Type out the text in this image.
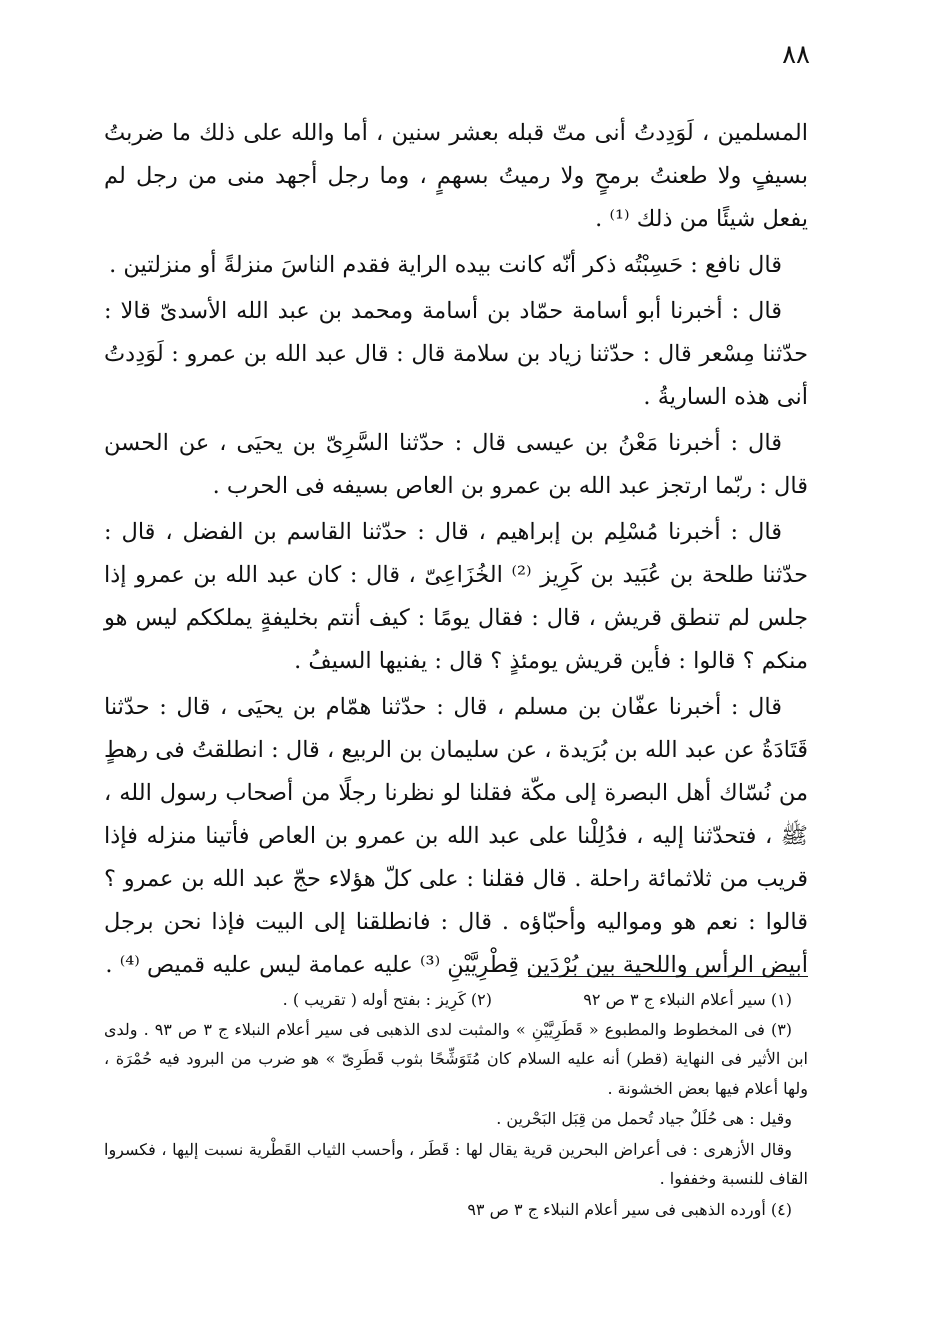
٨٨

المسلمين ، لَوَدِدتُ أنى متّ قبله بعشر سنين ، أما والله على ذلك ما ضربتُ بسيفٍ ولا طعنتُ برمحٍ ولا رميتُ بسهمٍ ، وما رجل أجهد منى من رجل لم يفعل شيئًا من ذلك ⁽¹⁾ .

قال نافع : حَسِبْتُه ذكر أنّه كانت بيده الراية فقدم الناسَ منزلةً أو منزلتين .

قال : أخبرنا أبو أسامة حمّاد بن أسامة ومحمد بن عبد الله الأسدىّ قالا : حدّثنا مِسْعر قال : حدّثنا زياد بن سلامة قال : قال عبد الله بن عمرو : لَوَدِدتُ أنى هذه الساريةُ .

قال : أخبرنا مَعْنُ بن عيسى قال : حدّثنا السَّرِىّ بن يحيَى ، عن الحسن قال : ربّما ارتجز عبد الله بن عمرو بن العاص بسيفه فى الحرب .

قال : أخبرنا مُسْلِم بن إبراهيم ، قال : حدّثنا القاسم بن الفضل ، قال : حدّثنا طلحة بن عُبَيد بن كَرِيز ⁽²⁾ الخُزَاعِىّ ، قال : كان عبد الله بن عمرو إذا جلس لم تنطق قريش ، قال : فقال يومًا : كيف أنتم بخليفةٍ يملككم ليس هو منكم ؟ قالوا : فأين قريش يومئذٍ ؟ قال : يفنيها السيفُ .

قال : أخبرنا عفّان بن مسلم ، قال : حدّثنا همّام بن يحيَى ، قال : حدّثنا قَتَادَةُ عن عبد الله بن بُرَيدة ، عن سليمان بن الربيع ، قال : انطلقتُ فى رهطٍ من نُسّاك أهل البصرة إلى مكّة فقلنا لو نظرنا رجلًا من أصحاب رسول الله ، ﷺ ، فتحدّثنا إليه ، فدُلِلْنا على عبد الله بن عمرو بن العاص فأتينا منزله فإذا قريب من ثلاثمائة راحلة . قال فقلنا : على كلّ هؤلاء حجّ عبد الله بن عمرو ؟ قالوا : نعم هو ومواليه وأحبّاؤه . قال : فانطلقنا إلى البيت فإذا نحن برجل أبيض الرأس واللحية بين بُرْدَين قِطْرِيَّيْنِ ⁽³⁾ عليه عمامة ليس عليه قميص ⁽⁴⁾ .

(١) سير أعلام النبلاء ج ٣ ص ٩٢
(٢) كَرِيز : بفتح أوله ( تقريب ) .

(٣) فى المخطوط والمطبوع « قَطَرِيَّيْنِ » والمثبت لدى الذهبى فى سير أعلام النبلاء ج ٣ ص ٩٣ . ولدى ابن الأثير فى النهاية (قطر) أنه عليه السلام كان مُتَوَشِّحًا بثوب قَطَرِىّ » هو ضرب من البرود فيه حُمْرَة ، ولها أعلام فيها بعض الخشونة .

وقيل : هى حُلَلٌ جياد تُحمل من قِبَل البَحْرين .

وقال الأزهرى : فى أعراض البحرين قرية يقال لها : قَطَر ، وأحسب الثياب القَطْرية نسبت إليها ، فكسروا القاف للنسبة وخففوا .

(٤) أورده الذهبى فى سير أعلام النبلاء ج ٣ ص ٩٣
